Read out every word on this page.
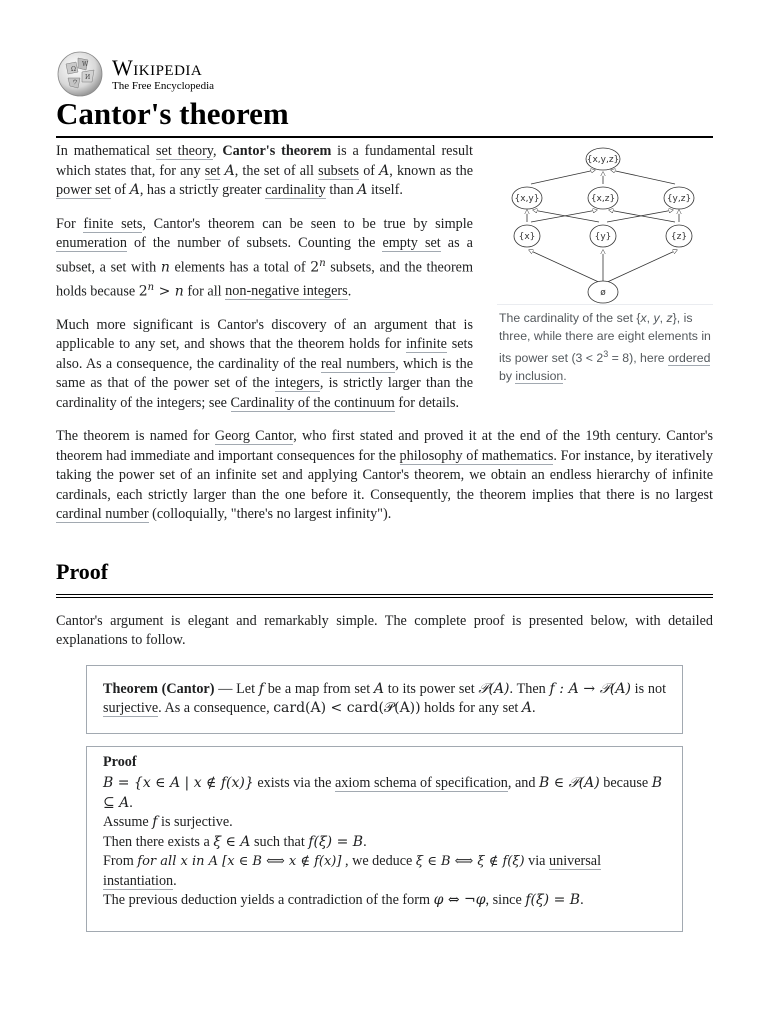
Ω
W
И
ウ
Wikipedia
The Free Encyclopedia
Cantor's theorem
{x,y,z}
{x,y}	{x,z}	{y,z}
{x}	{y}	{z}
ø
The cardinality of the set {x, y, z}, is three, while there are eight elements in its power set $(3 < 2^3 = 8)$, here ordered by inclusion.

In mathematical set theory, Cantor's theorem is a fundamental result which states that, for any set A, the set of all subsets of A, known as the power set of A, has a strictly greater cardinality than A itself.

For finite sets, Cantor's theorem can be seen to be true by simple enumeration of the number of subsets. Counting the empty set as a subset, a set with n elements has a total of 2$^n$ subsets, and the theorem holds because $2^n > n$ for all non-negative integers.

Much more significant is Cantor's discovery of an argument that is applicable to any set, and shows that the theorem holds for infinite sets also. As a consequence, the cardinality of the real numbers, which is the same as that of the power set of the integers, is strictly larger than the cardinality of the integers; see Cardinality of the continuum for details.

The theorem is named for Georg Cantor, who first stated and proved it at the end of the 19th century. Cantor's theorem had immediate and important consequences for the philosophy of mathematics. For instance, by iteratively taking the power set of an infinite set and applying Cantor's theorem, we obtain an endless hierarchy of infinite cardinals, each strictly larger than the one before it. Consequently, the theorem implies that there is no largest cardinal number (colloquially, "there's no largest infinity").

Proof

Cantor's argument is elegant and remarkably simple. The complete proof is presented below, with detailed explanations to follow.

Theorem (Cantor) — Let f be a map from set A to its power set 𝒫(A). Then f : A → 𝒫(A) is not surjective. As a consequence, card(A) < card(𝒫(A)) holds for any set A.

Proof
B = {x ∈ A | x ∉ f(x)} exists via the axiom schema of specification, and B ∈ 𝒫(A) because B ⊆ A.
Assume f is surjective.
Then there exists a ξ ∈ A such that f(ξ) = B.
From for all x in A [x ∈ B ⟺ x ∉ f(x)] , we deduce ξ ∈ B ⟺ ξ ∉ f(ξ) via universal instantiation.
The previous deduction yields a contradiction of the form φ ⇔ ¬φ, since f(ξ) = B.
